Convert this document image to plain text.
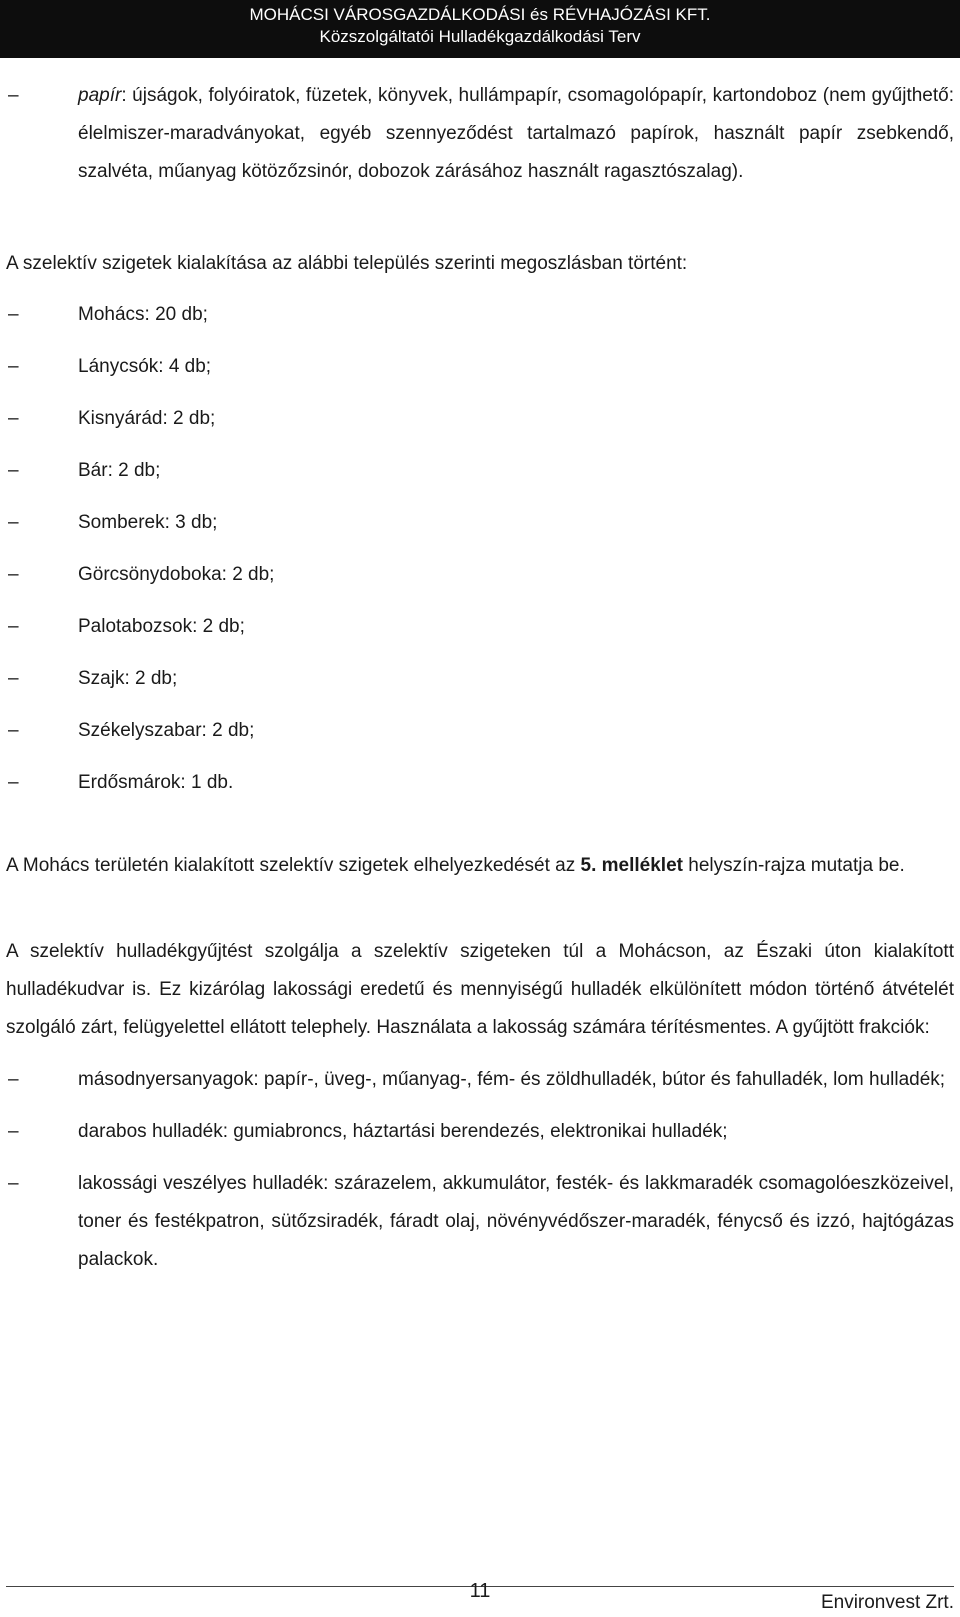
MOHÁCSI VÁROSGAZDÁLKODÁSI és RÉVHAJÓZÁSI KFT.
Közszolgáltatói Hulladékgazdálkodási Terv
–	papír: újságok, folyóiratok, füzetek, könyvek, hullámpapír, csomagolópapír, kartondoboz (nem gyűjthető: élelmiszer-maradványokat, egyéb szennyeződést tartalmazó papírok, használt papír zsebkendő, szalvéta, műanyag kötözőzsinór, dobozok zárásához használt ragasztószalag).

A szelektív szigetek kialakítása az alábbi település szerinti megoszlásban történt:

–	Mohács: 20 db;
–	Lánycsók: 4 db;
–	Kisnyárád: 2 db;
–	Bár: 2 db;
–	Somberek: 3 db;
–	Görcsönydoboka: 2 db;
–	Palotabozsok: 2 db;
–	Szajk: 2 db;
–	Székelyszabar: 2 db;
–	Erdősmárok: 1 db.

A Mohács területén kialakított szelektív szigetek elhelyezkedését az 5. melléklet helyszín-rajza mutatja be.

A szelektív hulladékgyűjtést szolgálja a szelektív szigeteken túl a Mohácson, az Északi úton kialakított hulladékudvar is. Ez kizárólag lakossági eredetű és mennyiségű hulladék elkülönített módon történő átvételét szolgáló zárt, felügyelettel ellátott telephely. Használata a lakosság számára térítésmentes. A gyűjtött frakciók:

–	másodnyersanyagok: papír-, üveg-, műanyag-, fém- és zöldhulladék, bútor és fahulladék, lom hulladék;
–	darabos hulladék: gumiabroncs, háztartási berendezés, elektronikai hulladék;
–	lakossági veszélyes hulladék: szárazelem, akkumulátor, festék- és lakkmaradék csomagolóeszközeivel, toner és festékpatron, sütőzsiradék, fáradt olaj, növényvédőszer-maradék, fénycső és izzó, hajtógázas palackok.
11
Environvest Zrt.
